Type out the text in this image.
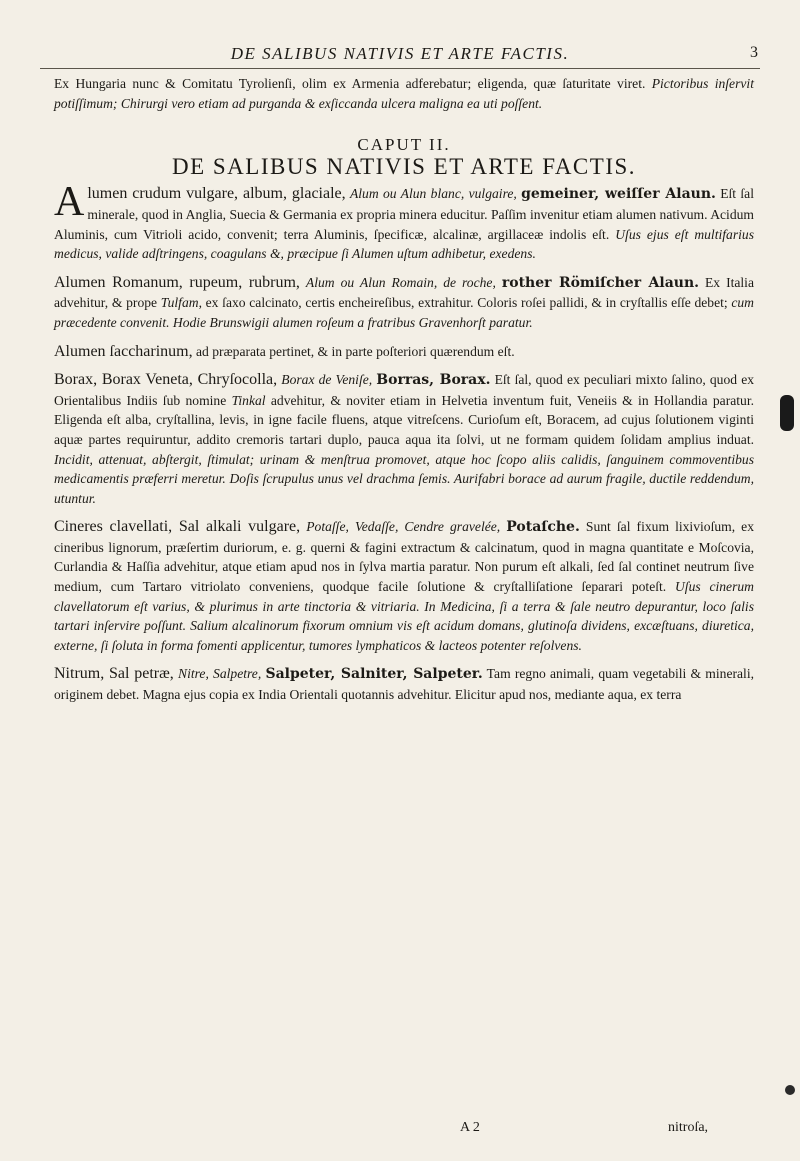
DE SALIBUS NATIVIS ET ARTE FACTIS.	3

Ex Hungaria nunc & Comitatu Tyrolienſi, olim ex Armenia adferebatur; eligenda, quæ ſaturitate viret. Pictoribus inſervit potiſſimum; Chirurgi vero etiam ad purganda & exſiccanda ulcera maligna ea uti poſſent.

CAPUT II.
DE SALIBUS NATIVIS ET ARTE FACTIS.

Alumen crudum vulgare, album, glaciale, Alum ou Alun blanc, vulgaire, gemeiner, weiſſer Alaun. Eſt ſal minerale, quod in Anglia, Suecia & Germania ex propria minera educitur. Paſſim invenitur etiam alumen nativum. Acidum Aluminis, cum Vitrioli acido, convenit; terra Aluminis, ſpecificæ, alcalinæ, argillaceæ indolis eſt. Uſus ejus eſt multifarius medicus, valide adſtringens, coagulans &, præcipue ſi Alumen uſtum adhibetur, exedens.

Alumen Romanum, rupeum, rubrum, Alum ou Alun Romain, de roche, rother Römiſcher Alaun. Ex Italia advehitur, & prope Tulfam, ex ſaxo calcinato, certis encheireſibus, extrahitur. Coloris roſei pallidi, & in cryſtallis eſſe debet; cum præcedente convenit. Hodie Brunswigii alumen roſeum a fratribus Gravenhorſt paratur.

Alumen ſaccharinum, ad præparata pertinet, & in parte poſteriori quærendum eſt.

Borax, Borax Veneta, Chryſocolla, Borax de Veniſe, Borras, Borax. Eſt ſal, quod ex peculiari mixto ſalino, quod ex Orientalibus Indiis ſub nomine Tinkal advehitur, & noviter etiam in Helvetia inventum fuit, Veneiis & in Hollandia paratur. Eligenda eſt alba, cryſtallina, levis, in igne facile fluens, atque vitreſcens. Curioſum eſt, Boracem, ad cujus ſolutionem viginti aquæ partes requiruntur, addito cremoris tartari duplo, pauca aqua ita ſolvi, ut ne formam quidem ſolidam amplius induat. Incidit, attenuat, abſtergit, ſtimulat; urinam & menſtrua promovet, atque hoc ſcopo aliis calidis, ſanguinem commoventibus medicamentis præferri meretur. Doſis ſcrupulus unus vel drachma ſemis. Aurifabri borace ad aurum fragile, ductile reddendum, utuntur.

Cineres clavellati, Sal alkali vulgare, Potaſſe, Vedaſſe, Cendre gravelée, Potaſche. Sunt ſal fixum lixivioſum, ex cineribus lignorum, præſertim duriorum, e. g. querni & fagini extractum & calcinatum, quod in magna quantitate e Moſcovia, Curlandia & Haſſia advehitur, atque etiam apud nos in ſylva martia paratur. Non purum eſt alkali, ſed ſal continet neutrum ſive medium, cum Tartaro vitriolato conveniens, quodque facile ſolutione & cryſtalliſatione ſeparari poteſt. Uſus cinerum clavellatorum eſt varius, & plurimus in arte tinctoria & vitriaria. In Medicina, ſi a terra & ſale neutro depurantur, loco ſalis tartari inſervire poſſunt. Salium alcalinorum fixorum omnium vis eſt acidum domans, glutinoſa dividens, excæſtuans, diuretica, externe, ſi ſoluta in forma fomenti applicentur, tumores lymphaticos & lacteos potenter reſolvens.

Nitrum, Sal petræ, Nitre, Salpetre, Salpeter, Salniter, Salpeter. Tam regno animali, quam vegetabili & minerali, originem debet. Magna ejus copia ex India Orientali quotannis advehitur. Elicitur apud nos, mediante aqua, ex terra

A 2	nitroſa,
